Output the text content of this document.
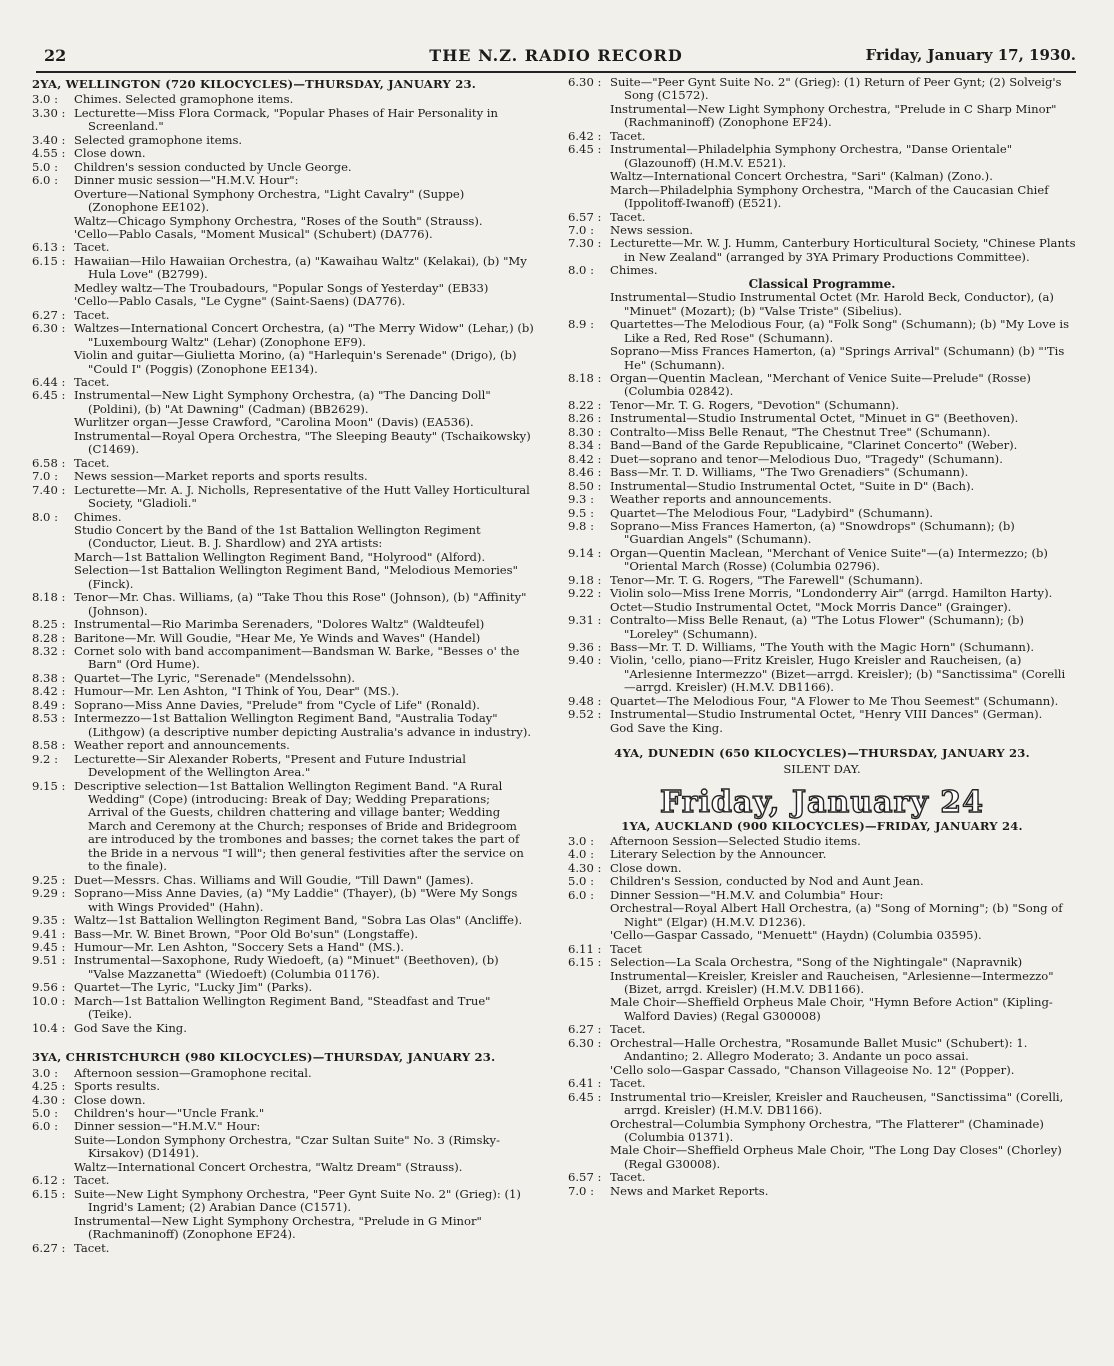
22	THE N.Z. RADIO RECORD	Friday, January 17, 1930.
2YA, WELLINGTON (720 KILOCYCLES)—THURSDAY, JANUARY 23.
3.0 :	Chimes. Selected gramophone items.
3.30 : Lecturette—Miss Flora Cormack, "Popular Phases of Hair Personality in Screenland."
3.40 : Selected gramophone items.
4.55 : Close down.
5.0 :	Children's session conducted by Uncle George.
6.0 :	Dinner music session—"H.M.V. Hour":
Overture—National Symphony Orchestra, "Light Cavalry" (Suppe) (Zonophone EE102).
Waltz—Chicago Symphony Orchestra, "Roses of the South" (Strauss).
'Cello—Pablo Casals, "Moment Musical" (Schubert) (DA776).
6.13 : Tacet.
6.15 : Hawaiian—Hilo Hawaiian Orchestra, (a) "Kawaihau Waltz" (Kelakai), (b) "My Hula Love" (B2799).
Medley waltz—The Troubadours, "Popular Songs of Yesterday" (EB33)
'Cello—Pablo Casals, "Le Cygne" (Saint-Saens) (DA776).
6.27 : Tacet.
6.30 : Waltzes—International Concert Orchestra, (a) "The Merry Widow" (Lehar,) (b) "Luxembourg Waltz" (Lehar) (Zonophone EF9).
Violin and guitar—Giulietta Morino, (a) "Harlequin's Serenade" (Drigo), (b) "Could I" (Poggis) (Zonophone EE134).
6.44 : Tacet.
6.45 : Instrumental—New Light Symphony Orchestra, (a) "The Dancing Doll" (Poldini), (b) "At Dawning" (Cadman) (BB2629).
Wurlitzer organ—Jesse Crawford, "Carolina Moon" (Davis) (EA536).
Instrumental—Royal Opera Orchestra, "The Sleeping Beauty" (Tschaikowsky) (C1469).
6.58 : Tacet.
7.0 :	News session—Market reports and sports results.
7.40 : Lecturette—Mr. A. J. Nicholls, Representative of the Hutt Valley Horticultural Society, "Gladioli."
8.0 :	Chimes.
Studio Concert by the Band of the 1st Battalion Wellington Regiment (Conductor, Lieut. B. J. Shardlow) and 2YA artists:
March—1st Battalion Wellington Regiment Band, "Holyrood" (Alford).
Selection—1st Battalion Wellington Regiment Band, "Melodious Memories" (Finck).
8.18 : Tenor—Mr. Chas. Williams, (a) "Take Thou this Rose" (Johnson), (b) "Affinity" (Johnson).
8.25 : Instrumental—Rio Marimba Serenaders, "Dolores Waltz" (Waldteufel)
8.28 : Baritone—Mr. Will Goudie, "Hear Me, Ye Winds and Waves" (Handel)
8.32 : Cornet solo with band accompaniment—Bandsman W. Barke, "Besses o' the Barn" (Ord Hume).
8.38 : Quartet—The Lyric, "Serenade" (Mendelssohn).
8.42 : Humour—Mr. Len Ashton, "I Think of You, Dear" (MS.).
8.49 : Soprano—Miss Anne Davies, "Prelude" from "Cycle of Life" (Ronald).
8.53 : Intermezzo—1st Battalion Wellington Regiment Band, "Australia Today" (Lithgow) (a descriptive number depicting Australia's advance in industry).
8.58 : Weather report and announcements.
9.2 :	Lecturette—Sir Alexander Roberts, "Present and Future Industrial Development of the Wellington Area."
9.15 : Descriptive selection—1st Battalion Wellington Regiment Band. "A Rural Wedding" (Cope) (introducing: Break of Day; Wedding Preparations; Arrival of the Guests, children chattering and village banter; Wedding March and Ceremony at the Church; responses of Bride and Bridegroom are introduced by the trombones and basses; the cornet takes the part of the Bride in a nervous "I will"; then general festivities after the service on to the finale).
9.25 : Duet—Messrs. Chas. Williams and Will Goudie, "Till Dawn" (James).
9.29 : Soprano—Miss Anne Davies, (a) "My Laddie" (Thayer), (b) "Were My Songs with Wings Provided" (Hahn).
9.35 : Waltz—1st Battalion Wellington Regiment Band, "Sobra Las Olas" (Ancliffe).
9.41 : Bass—Mr. W. Binet Brown, "Poor Old Bo'sun" (Longstaffe).
9.45 : Humour—Mr. Len Ashton, "Soccery Sets a Hand" (MS.).
9.51 : Instrumental—Saxophone, Rudy Wiedoeft, (a) "Minuet" (Beethoven), (b) "Valse Mazzanetta" (Wiedoeft) (Columbia 01176).
9.56 : Quartet—The Lyric, "Lucky Jim" (Parks).
10.0 : March—1st Battalion Wellington Regiment Band, "Steadfast and True" (Teike).
10.4 : God Save the King.
3YA, CHRISTCHURCH (980 KILOCYCLES)—THURSDAY, JANUARY 23.
3.0 :	Afternoon session—Gramophone recital.
4.25 : Sports results.
4.30 : Close down.
5.0 :	Children's hour—"Uncle Frank."
6.0 :	Dinner session—"H.M.V." Hour:
Suite—London Symphony Orchestra, "Czar Sultan Suite" No. 3 (Rimsky-Kirsakov) (D1491).
Waltz—International Concert Orchestra, "Waltz Dream" (Strauss).
6.12 : Tacet.
6.15 : Suite—New Light Symphony Orchestra, "Peer Gynt Suite No. 2" (Grieg): (1) Ingrid's Lament; (2) Arabian Dance (C1571).
Instrumental—New Light Symphony Orchestra, "Prelude in G Minor" (Rachmaninoff) (Zonophone EF24).
6.27 : Tacet.
6.30 : Suite—"Peer Gynt Suite No. 2" (Grieg): (1) Return of Peer Gynt; (2) Solveig's Song (C1572).
Instrumental—New Light Symphony Orchestra, "Prelude in C Sharp Minor" (Rachmaninoff) (Zonophone EF24).
6.42 : Tacet.
6.45 : Instrumental—Philadelphia Symphony Orchestra, "Danse Orientale" (Glazounoff) (H.M.V. E521).
Waltz—International Concert Orchestra, "Sari" (Kalman) (Zono.).
March—Philadelphia Symphony Orchestra, "March of the Caucasian Chief (Ippolitoff-Iwanoff) (E521).
6.57 : Tacet.
7.0 :	News session.
7.30 : Lecturette—Mr. W. J. Humm, Canterbury Horticultural Society, "Chinese Plants in New Zealand" (arranged by 3YA Primary Productions Committee).
8.0 :	Chimes.
Classical Programme.
Instrumental—Studio Instrumental Octet (Mr. Harold Beck, Conductor), (a) "Minuet" (Mozart); (b) "Valse Triste" (Sibelius).
8.9 :	Quartettes—The Melodious Four, (a) "Folk Song" (Schumann); (b) "My Love is Like a Red, Red Rose" (Schumann).
Soprano—Miss Frances Hamerton, (a) "Springs Arrival" (Schumann) (b) "'Tis He" (Schumann).
8.18 : Organ—Quentin Maclean, "Merchant of Venice Suite—Prelude" (Rosse) (Columbia 02842).
8.22 : Tenor—Mr. T. G. Rogers, "Devotion" (Schumann).
8.26 : Instrumental—Studio Instrumental Octet, "Minuet in G" (Beethoven).
8.30 : Contralto—Miss Belle Renaut, "The Chestnut Tree" (Schumann).
8.34 : Band—Band of the Garde Republicaine, "Clarinet Concerto" (Weber).
8.42 : Duet—soprano and tenor—Melodious Duo, "Tragedy" (Schumann).
8.46 : Bass—Mr. T. D. Williams, "The Two Grenadiers" (Schumann).
8.50 : Instrumental—Studio Instrumental Octet, "Suite in D" (Bach).
9.3 :	Weather reports and announcements.
9.5 :	Quartet—The Melodious Four, "Ladybird" (Schumann).
9.8 :	Soprano—Miss Frances Hamerton, (a) "Snowdrops" (Schumann); (b) "Guardian Angels" (Schumann).
9.14 : Organ—Quentin Maclean, "Merchant of Venice Suite"—(a) Intermezzo; (b) "Oriental March (Rosse) (Columbia 02796).
9.18 : Tenor—Mr. T. G. Rogers, "The Farewell" (Schumann).
9.22 : Violin solo—Miss Irene Morris, "Londonderry Air" (arrgd. Hamilton Harty).
Octet—Studio Instrumental Octet, "Mock Morris Dance" (Grainger).
9.31 : Contralto—Miss Belle Renaut, (a) "The Lotus Flower" (Schumann); (b) "Loreley" (Schumann).
9.36 : Bass—Mr. T. D. Williams, "The Youth with the Magic Horn" (Schumann).
9.40 : Violin, 'cello, piano—Fritz Kreisler, Hugo Kreisler and Raucheisen, (a) "Arlesienne Intermezzo" (Bizet—arrgd. Kreisler); (b) "Sanctissima" (Corelli—arrgd. Kreisler) (H.M.V. DB1166).
9.48 : Quartet—The Melodious Four, "A Flower to Me Thou Seemest" (Schumann).
9.52 : Instrumental—Studio Instrumental Octet, "Henry VIII Dances" (German).
God Save the King.
4YA, DUNEDIN (650 KILOCYCLES)—THURSDAY, JANUARY 23.
SILENT DAY.
Friday, January 24
1YA, AUCKLAND (900 KILOCYCLES)—FRIDAY, JANUARY 24.
3.0 :	Afternoon Session—Selected Studio items.
4.0 :	Literary Selection by the Announcer.
4.30 : Close down.
5.0 :	Children's Session, conducted by Nod and Aunt Jean.
6.0 :	Dinner Session—"H.M.V. and Columbia" Hour:
Orchestral—Royal Albert Hall Orchestra, (a) "Song of Morning"; (b) "Song of Night" (Elgar) (H.M.V. D1236).
'Cello—Gaspar Cassado, "Menuett" (Haydn) (Columbia 03595).
6.11 : Tacet
6.15 : Selection—La Scala Orchestra, "Song of the Nightingale" (Napravnik)
Instrumental—Kreisler, Kreisler and Raucheisen, "Arlesienne—Intermezzo" (Bizet, arrgd. Kreisler) (H.M.V. DB1166).
Male Choir—Sheffield Orpheus Male Choir, "Hymn Before Action" (Kipling-Walford Davies) (Regal G300008)
6.27 : Tacet.
6.30 : Orchestral—Halle Orchestra, "Rosamunde Ballet Music" (Schubert): 1. Andantino; 2. Allegro Moderato; 3. Andante un poco assai.
'Cello solo—Gaspar Cassado, "Chanson Villageoise No. 12" (Popper).
6.41 : Tacet.
6.45 : Instrumental trio—Kreisler, Kreisler and Raucheusen, "Sanctissima" (Corelli, arrgd. Kreisler) (H.M.V. DB1166).
Orchestral—Columbia Symphony Orchestra, "The Flatterer" (Chaminade) (Columbia 01371).
Male Choir—Sheffield Orpheus Male Choir, "The Long Day Closes" (Chorley) (Regal G30008).
6.57 : Tacet.
7.0 :	News and Market Reports.
